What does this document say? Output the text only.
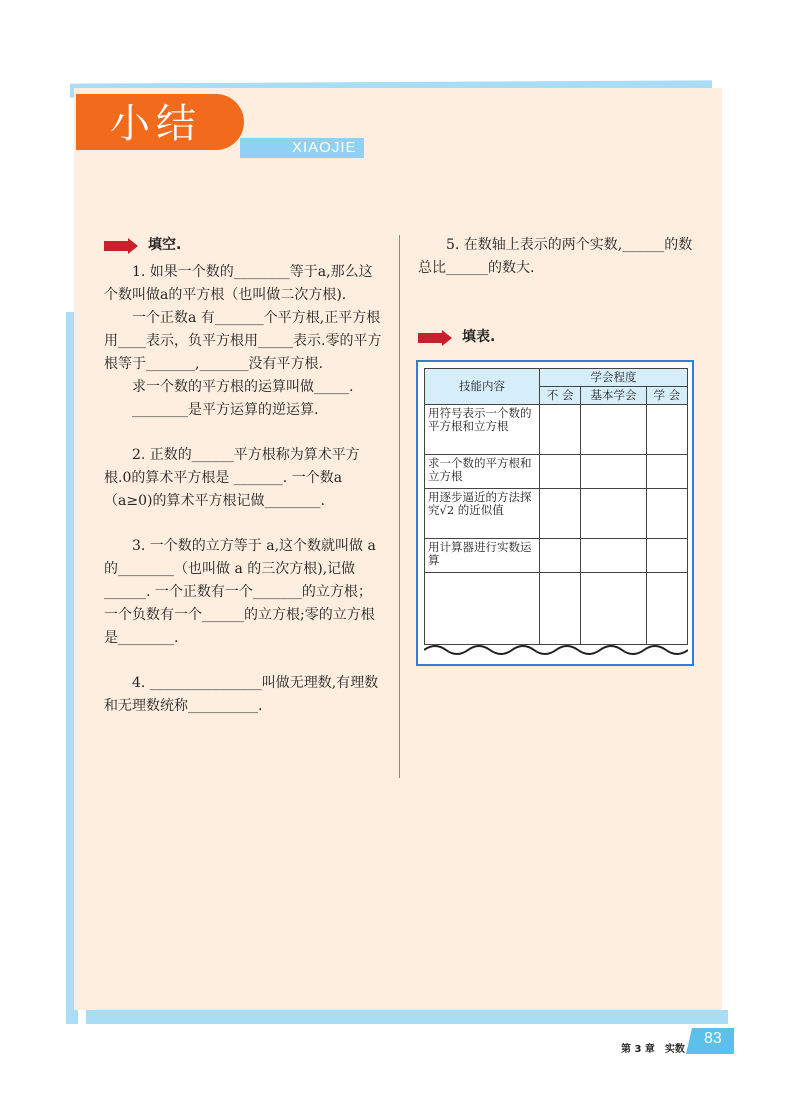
小结
XIAOJIE
填空.

1. 如果一个数的________等于a,那么这个数叫做a的平方根（也叫做二次方根).

一个正数a 有_______个平方根,正平方根用____表示，负平方根用_____表示.零的平方根等于_______,_______没有平方根.

求一个数的平方根的运算叫做_____.

________是平方运算的逆运算.

2. 正数的______平方根称为算术平方根.0的算术平方根是 _______. 一个数a（a≥0)的算术平方根记做________.

3. 一个数的立方等于 a,这个数就叫做 a 的________（也叫做 a 的三次方根),记做______. 一个正数有一个_______的立方根；一个负数有一个______的立方根;零的立方根是________.

4. ________________叫做无理数,有理数和无理数统称__________.

5. 在数轴上表示的两个实数,______的数总比______的数大.

填表.
技能内容	学会程度		
	不 会	基本学会	学 会
用符号表示一个数的平方根和立方根			
求一个数的平方根和立方根			
用逐步逼近的方法探究√2 的近似值			
用计算器进行实数运算			

第 3 章　实数
83
